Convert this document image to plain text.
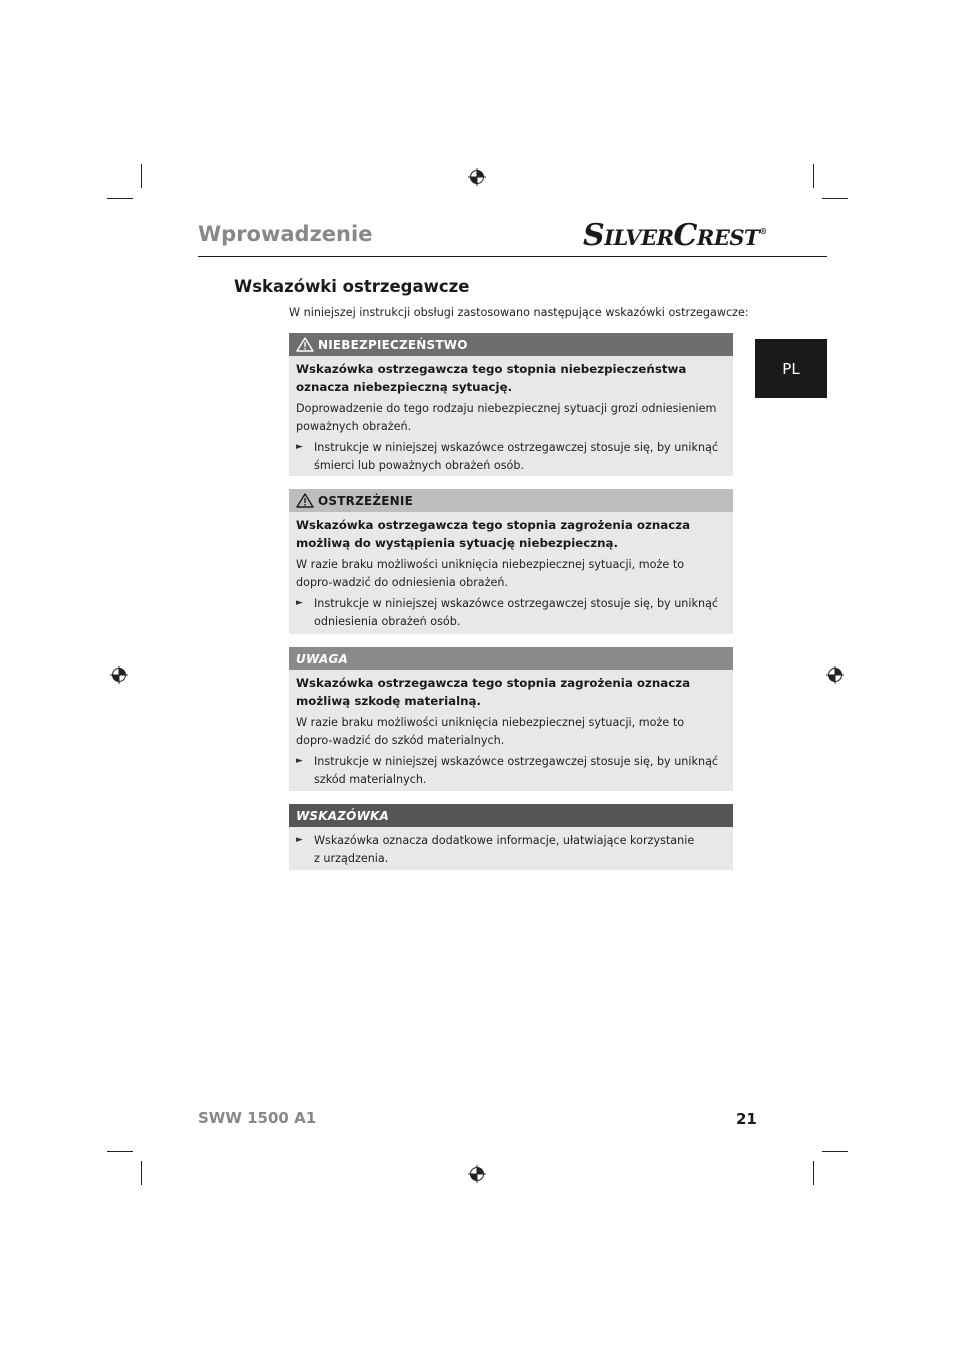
Wprowadzenie	SILVERCREST®
PL
Wskazówki ostrzegawcze
W niniejszej instrukcji obsługi zastosowano następujące wskazówki ostrzegawcze:
NIEBEZPIECZEŃSTWO
Wskazówka ostrzegawcza tego stopnia niebezpieczeństwa oznacza niebezpieczną sytuację.
Doprowadzenie do tego rodzaju niebezpiecznej sytuacji grozi odniesieniem poważnych obrażeń.
► Instrukcje w niniejszej wskazówce ostrzegawczej stosuje się, by uniknąć
śmierci lub poważnych obrażeń osób.
OSTRZEŻENIE
Wskazówka ostrzegawcza tego stopnia zagrożenia oznacza możliwą do wystąpienia sytuację niebezpieczną.
W razie braku możliwości uniknięcia niebezpiecznej sytuacji, może to dopro-wadzić do odniesienia obrażeń.
► Instrukcje w niniejszej wskazówce ostrzegawczej stosuje się, by uniknąć
odniesienia obrażeń osób.
UWAGA
Wskazówka ostrzegawcza tego stopnia zagrożenia oznacza możliwą szkodę materialną.
W razie braku możliwości uniknięcia niebezpiecznej sytuacji, może to dopro-wadzić do szkód materialnych.
► Instrukcje w niniejszej wskazówce ostrzegawczej stosuje się, by uniknąć
szkód materialnych.
WSKAZÓWKA
► Wskazówka oznacza dodatkowe informacje, ułatwiające korzystanie
z urządzenia.
SWW 1500 A1	21
